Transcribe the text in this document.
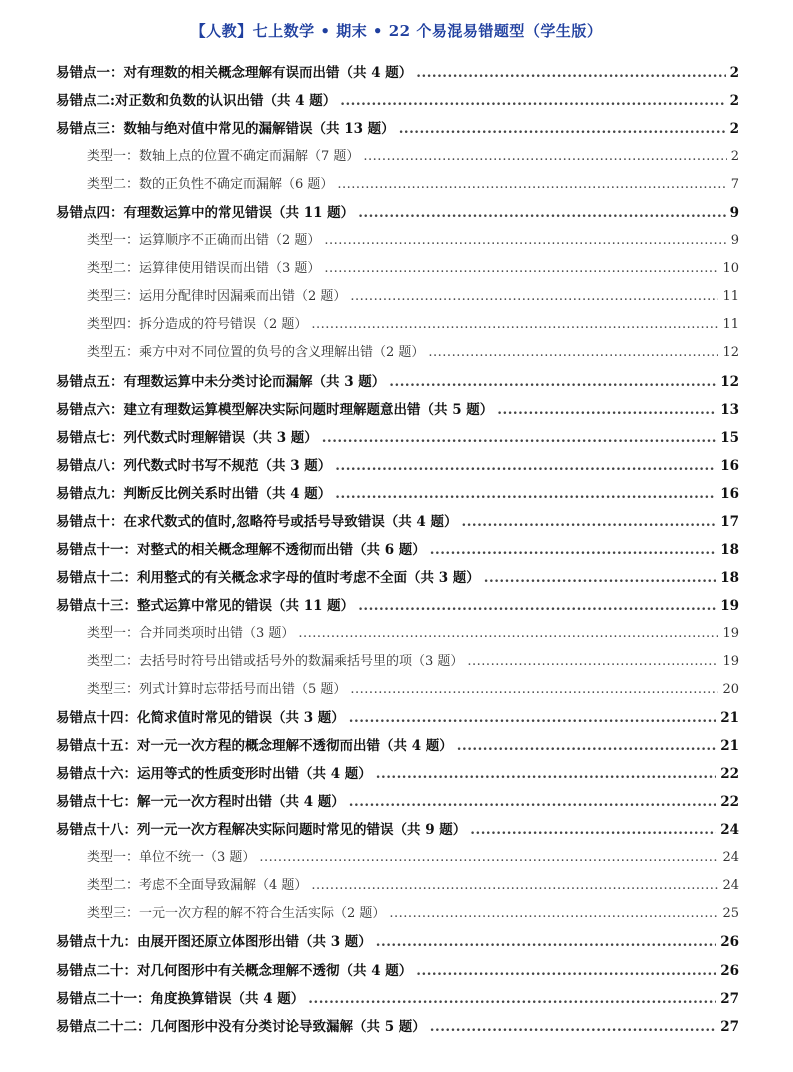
【人教】七上数学 • 期末 • 22 个易混易错题型（学生版）
易错点一：对有理数的相关概念理解有误而出错（共 4 题） .....	2
易错点二:对正数和负数的认识出错（共 4 题） .....	2
易错点三：数轴与绝对值中常见的漏解错误（共 13 题） .....	2
类型一：数轴上点的位置不确定而漏解（7 题） .....	2
类型二：数的正负性不确定而漏解（6 题） .....	7
易错点四：有理数运算中的常见错误（共 11 题） .....	9
类型一：运算顺序不正确而出错（2 题） .....	9
类型二：运算律使用错误而出错（3 题） .....	10
类型三：运用分配律时因漏乘而出错（2 题） .....	11
类型四：拆分造成的符号错误（2 题） .....	11
类型五：乘方中对不同位置的负号的含义理解出错（2 题） .....	12
易错点五：有理数运算中未分类讨论而漏解（共 3 题） .....	12
易错点六：建立有理数运算模型解决实际问题时理解题意出错（共 5 题） .....	13
易错点七：列代数式时理解错误（共 3 题） .....	15
易错点八：列代数式时书写不规范（共 3 题） .....	16
易错点九：判断反比例关系时出错（共 4 题） .....	16
易错点十：在求代数式的值时,忽略符号或括号导致错误（共 4 题） .....	17
易错点十一：对整式的相关概念理解不透彻而出错（共 6 题） .....	18
易错点十二：利用整式的有关概念求字母的值时考虑不全面（共 3 题） .....	18
易错点十三：整式运算中常见的错误（共 11 题） .....	19
类型一：合并同类项时出错（3 题） .....	19
类型二：去括号时符号出错或括号外的数漏乘括号里的项（3 题） .....	19
类型三：列式计算时忘带括号而出错（5 题） .....	20
易错点十四：化简求值时常见的错误（共 3 题） .....	21
易错点十五：对一元一次方程的概念理解不透彻而出错（共 4 题） .....	21
易错点十六：运用等式的性质变形时出错（共 4 题） .....	22
易错点十七：解一元一次方程时出错（共 4 题） .....	22
易错点十八：列一元一次方程解决实际问题时常见的错误（共 9 题） .....	24
类型一：单位不统一（3 题） .....	24
类型二：考虑不全面导致漏解（4 题） .....	24
类型三：一元一次方程的解不符合生活实际（2 题） .....	25
易错点十九：由展开图还原立体图形出错（共 3 题） .....	26
易错点二十：对几何图形中有关概念理解不透彻（共 4 题） .....	26
易错点二十一：角度换算错误（共 4 题） .....	27
易错点二十二：几何图形中没有分类讨论导致漏解（共 5 题） .....	27
